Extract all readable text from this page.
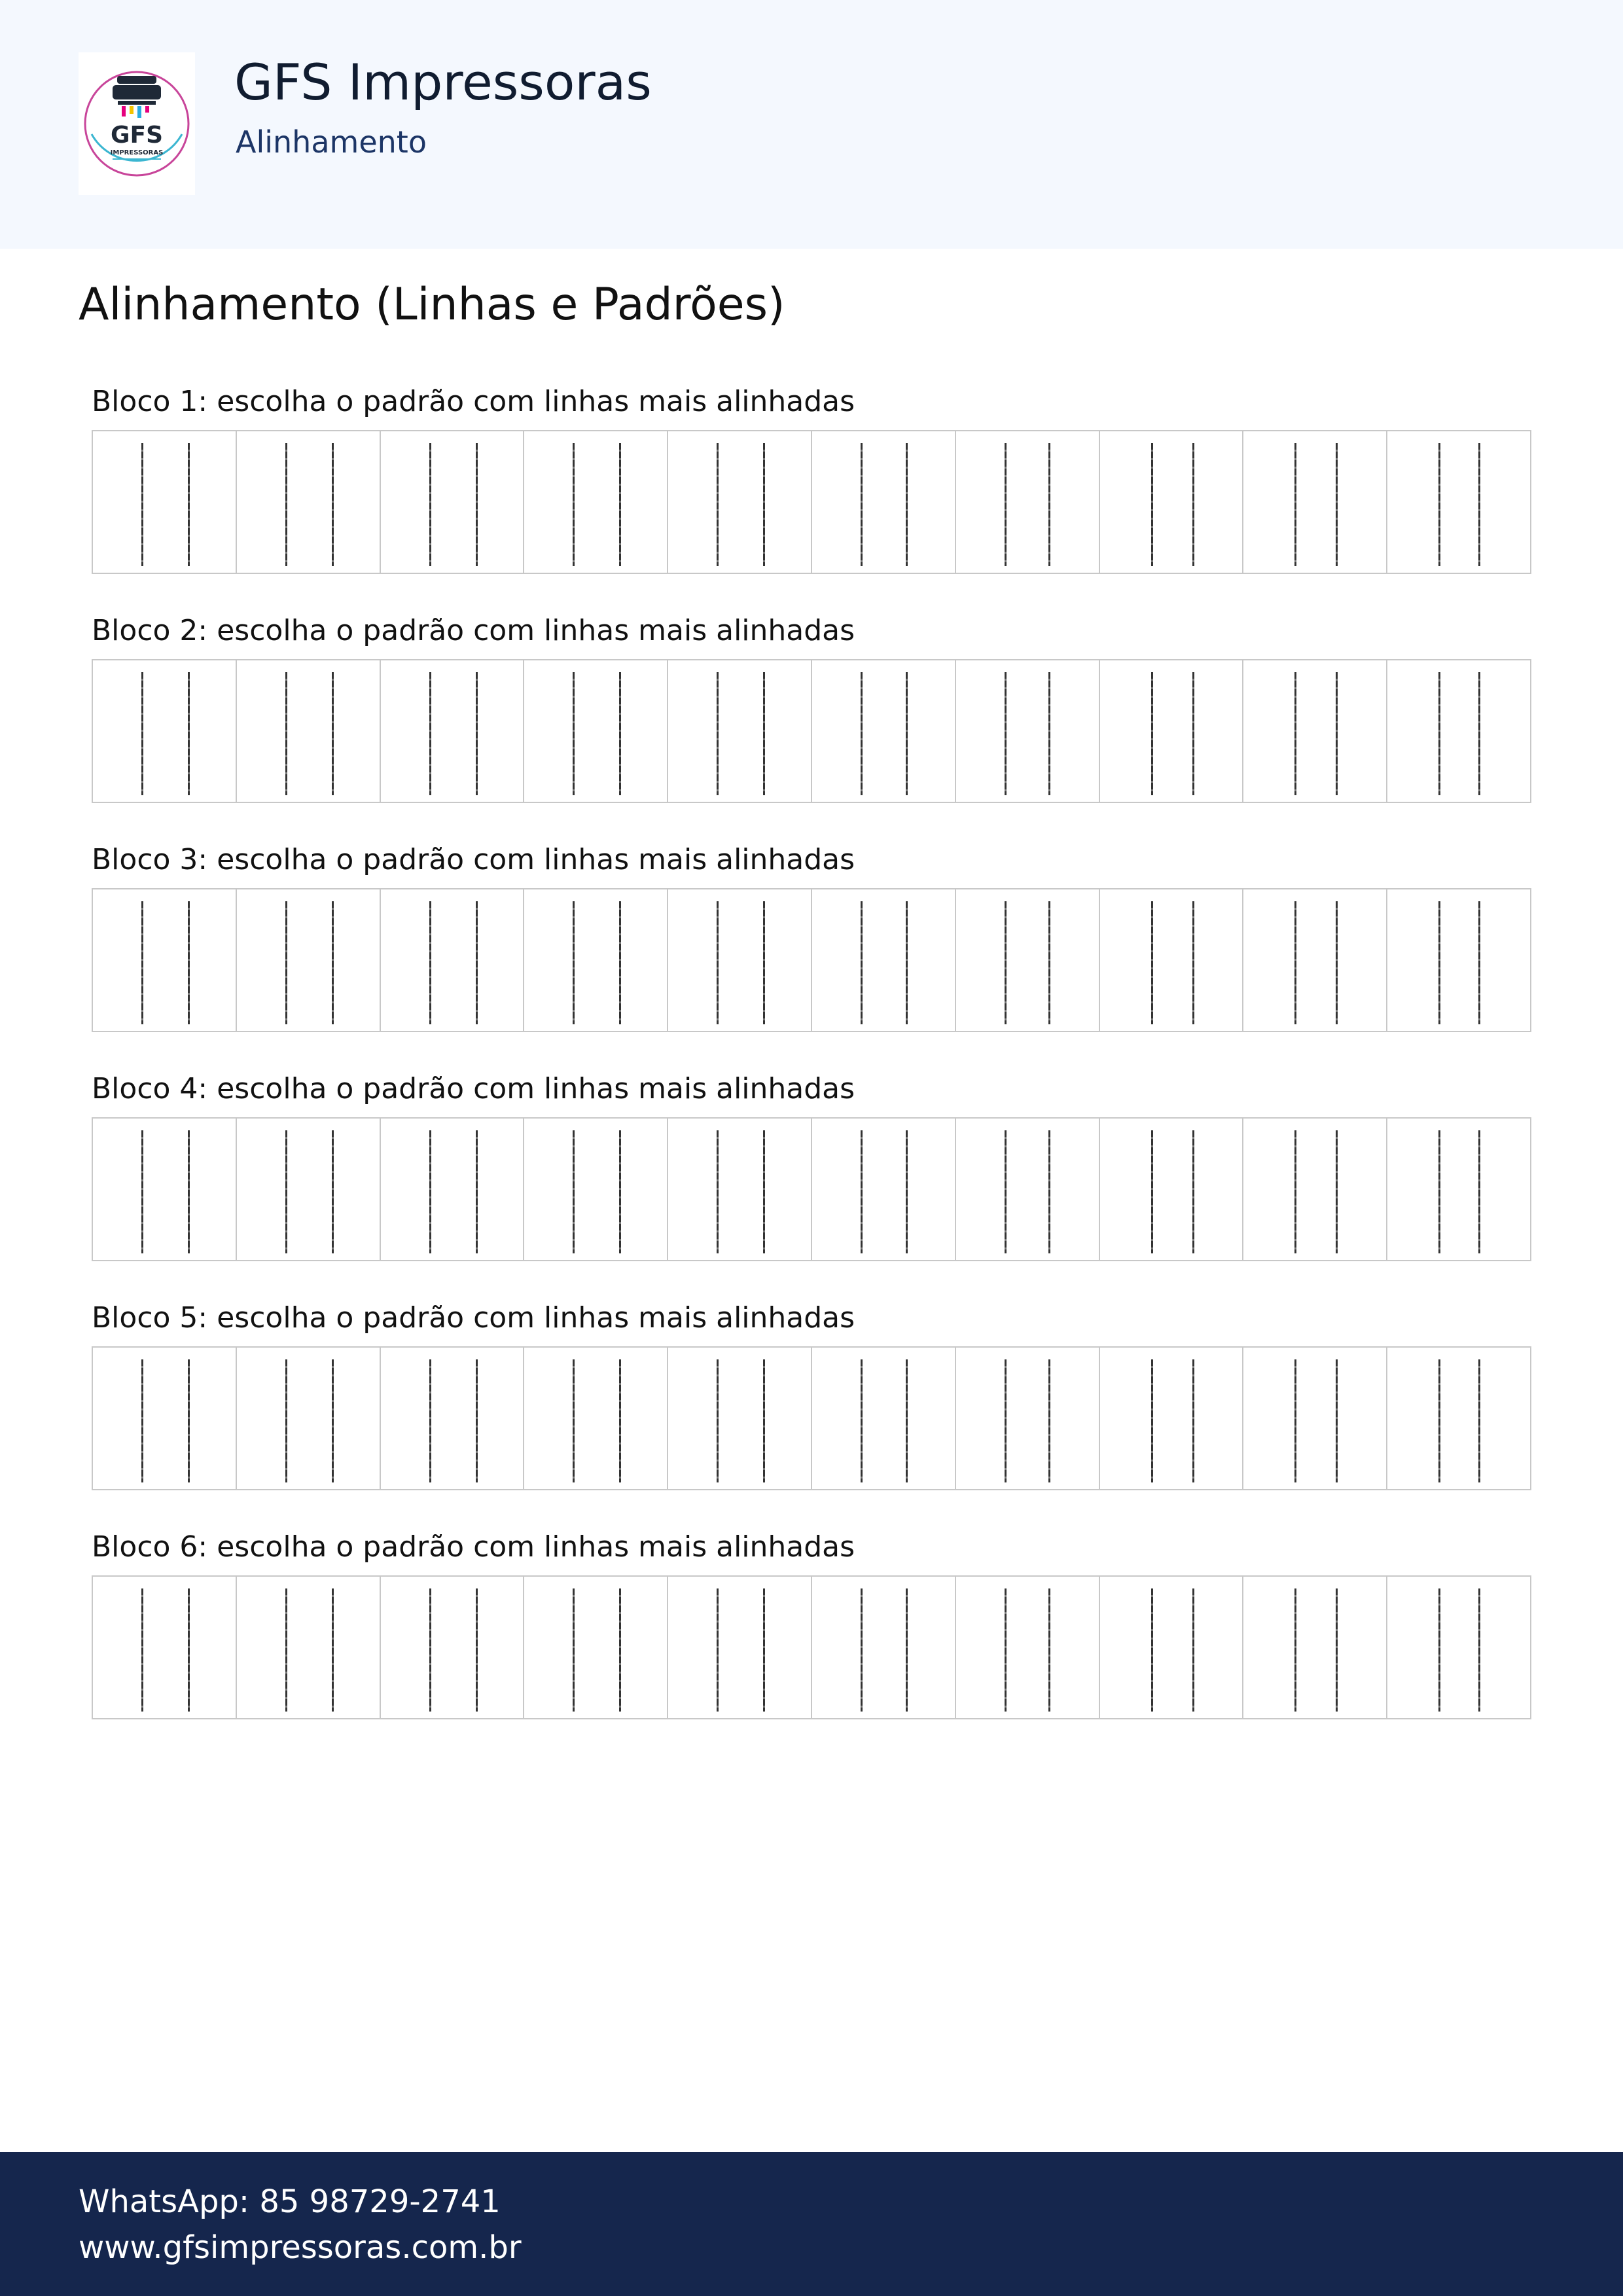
GFS
IMPRESSORAS
GFS Impressoras
Alinhamento
Alinhamento (Linhas e Padrões)
Bloco 1: escolha o padrão com linhas mais alinhadas
Bloco 2: escolha o padrão com linhas mais alinhadas
Bloco 3: escolha o padrão com linhas mais alinhadas
Bloco 4: escolha o padrão com linhas mais alinhadas
Bloco 5: escolha o padrão com linhas mais alinhadas
Bloco 6: escolha o padrão com linhas mais alinhadas
WhatsApp: 85 98729-2741
www.gfsimpressoras.com.br
